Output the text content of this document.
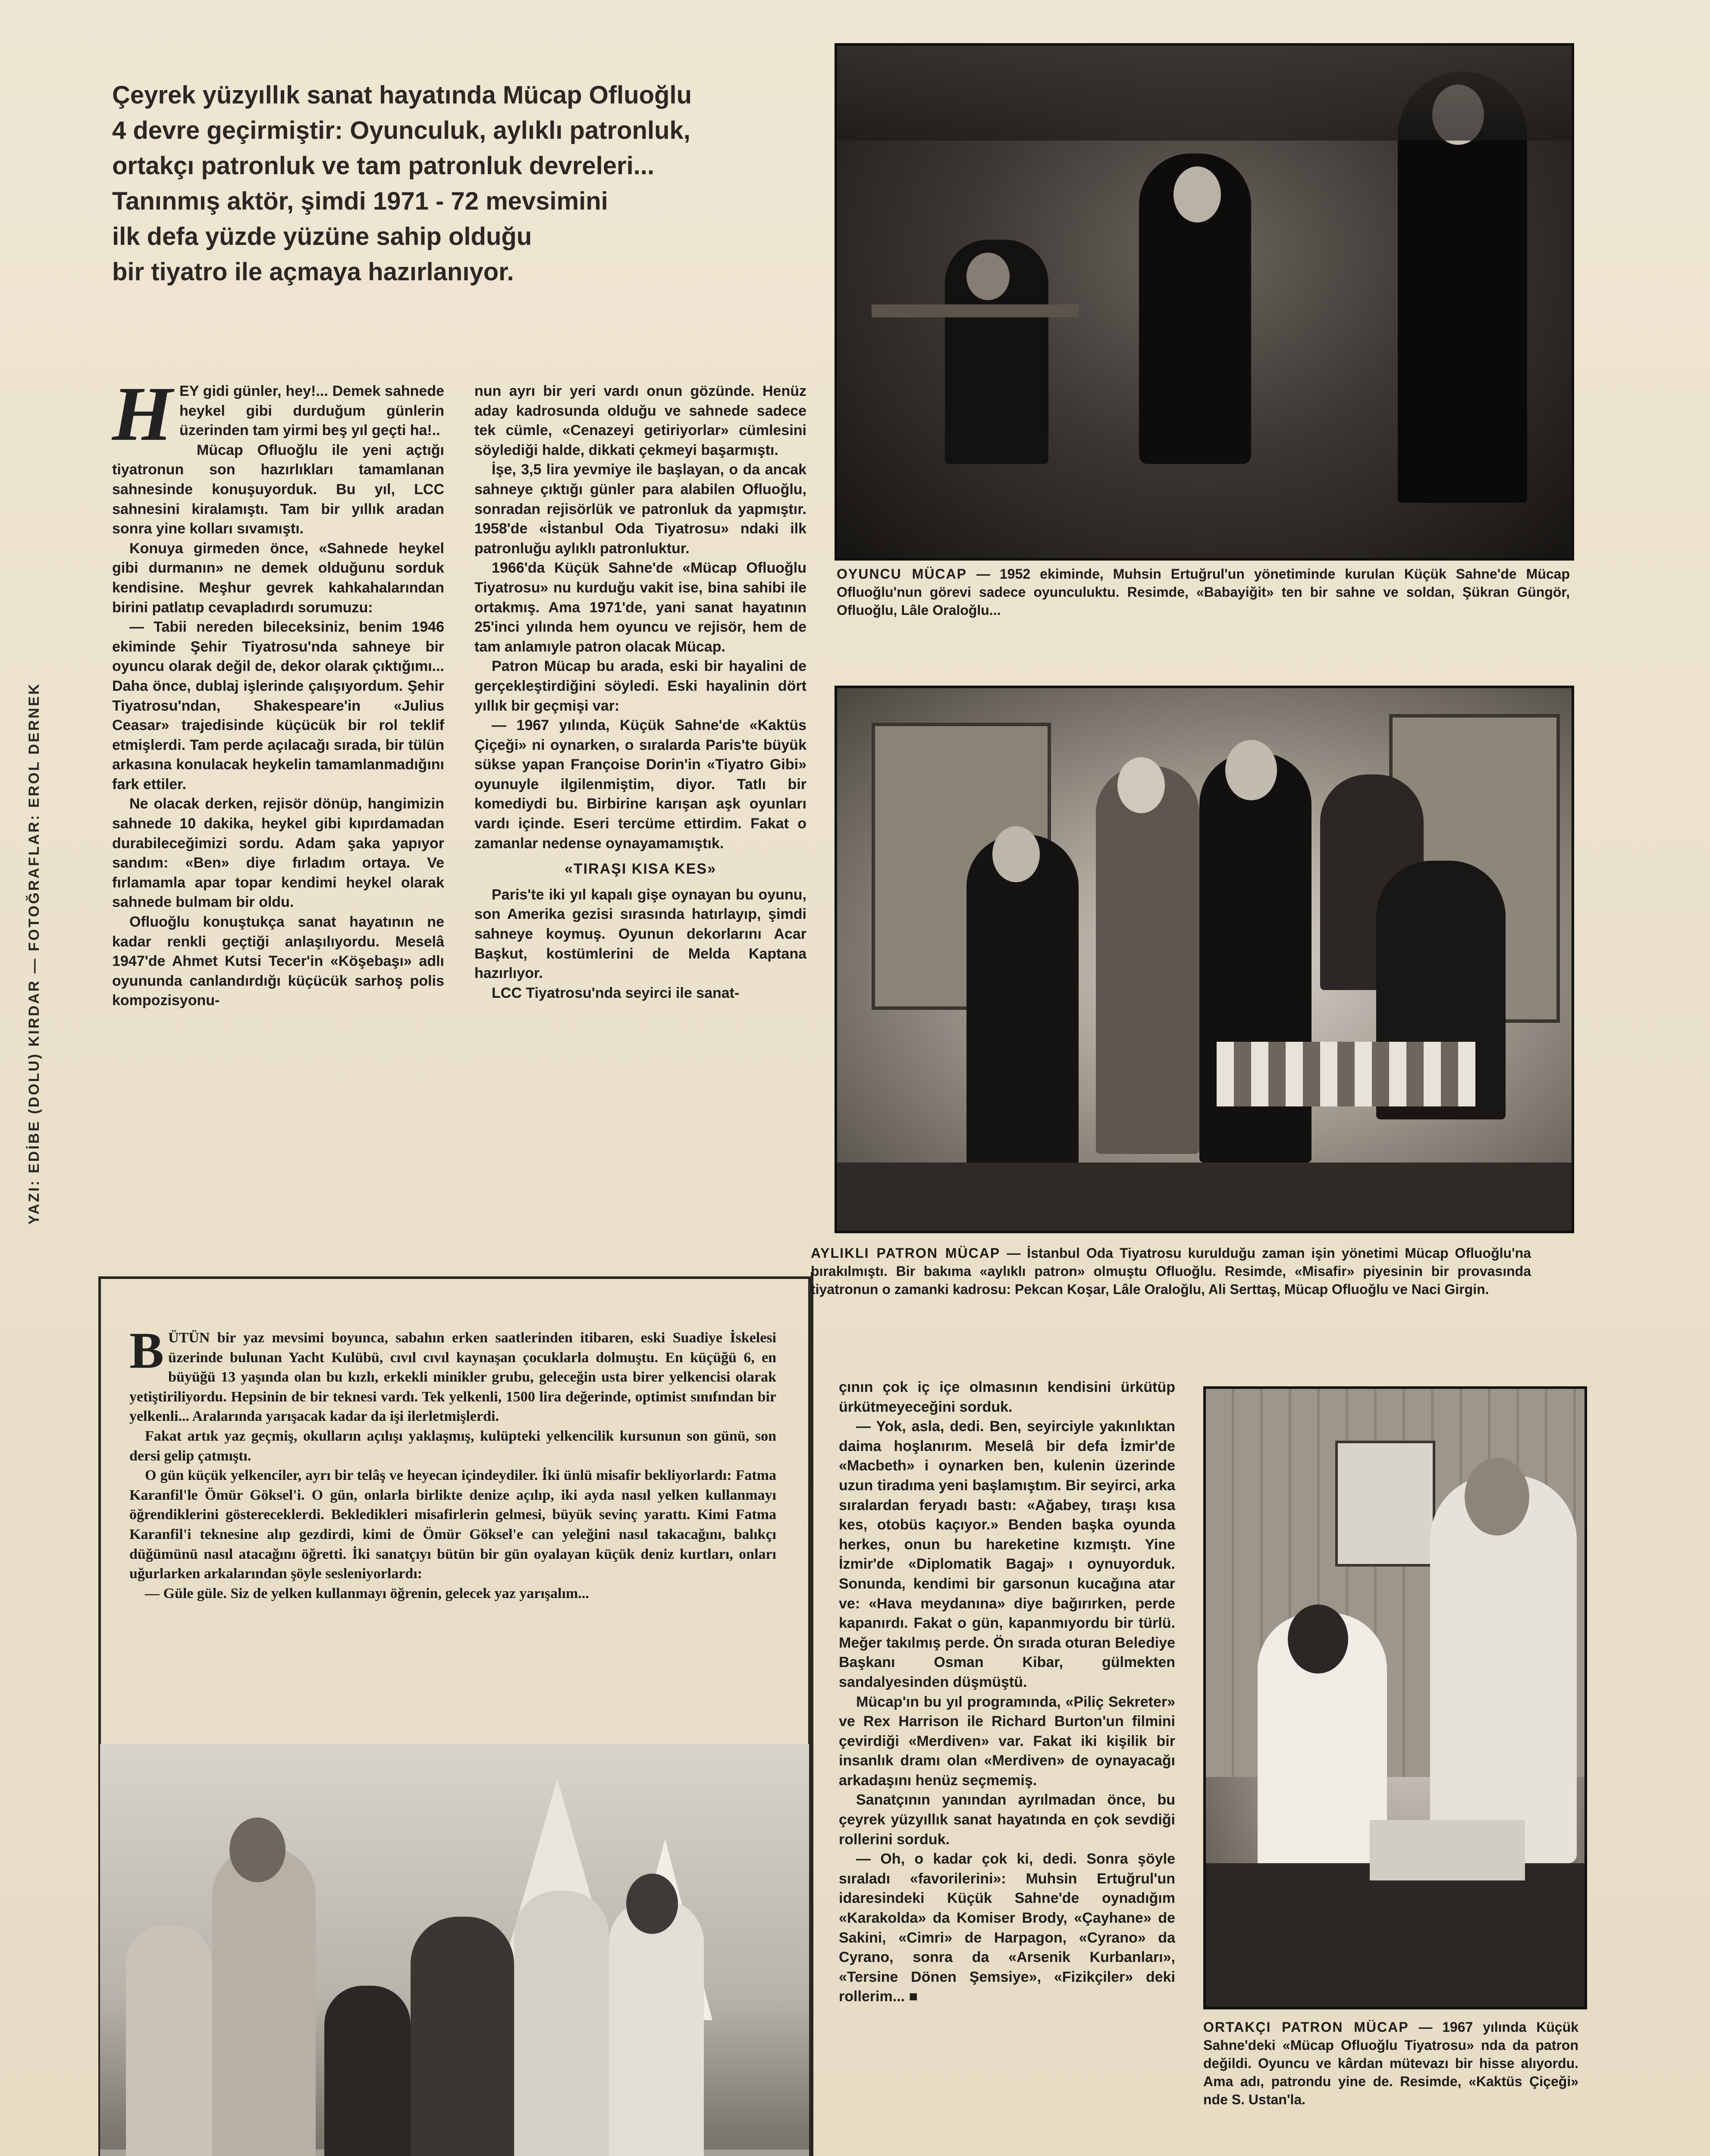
YAZI: EDİBE (DOLU) KIRDAR — FOTOĞRAFLAR: EROL DERNEK

Çeyrek yüzyıllık sanat hayatında Mücap Ofluoğlu

4 devre geçirmiştir: Oyunculuk, aylıklı patronluk,

ortakçı patronluk ve tam patronluk devreleri...

Tanınmış aktör, şimdi 1971 - 72 mevsimini

ilk defa yüzde yüzüne sahip olduğu

bir tiyatro ile açmaya hazırlanıyor.

H EY gidi günler, hey!... Demek sahnede heykel gibi durduğum günlerin üzerinden tam yirmi beş yıl geçti ha!..

Mücap Ofluoğlu ile yeni açtığı tiyatronun son hazırlıkları tamamlanan sahnesinde konuşuyorduk. Bu yıl, LCC sahnesini kiralamıştı. Tam bir yıllık aradan sonra yine kolları sıvamıştı.

Konuya girmeden önce, «Sahnede heykel gibi durmanın» ne demek olduğunu sorduk kendisine. Meşhur gevrek kahkahalarından birini patlatıp cevapladırdı sorumuzu:

— Tabii nereden bileceksiniz, benim 1946 ekiminde Şehir Tiyatrosu'nda sahneye bir oyuncu olarak değil de, dekor olarak çıktığımı... Daha önce, dublaj işlerinde çalışıyordum. Şehir Tiyatrosu'ndan, Shakespeare'in «Julius Ceasar» trajedisinde küçücük bir rol teklif etmişlerdi. Tam perde açılacağı sırada, bir tülün arkasına konulacak heykelin tamamlanmadığını fark ettiler.

Ne olacak derken, rejisör dönüp, hangimizin sahnede 10 dakika, heykel gibi kıpırdamadan durabileceğimizi sordu. Adam şaka yapıyor sandım: «Ben» diye fırladım ortaya. Ve fırlamamla apar topar kendimi heykel olarak sahnede bulmam bir oldu.

Ofluoğlu konuştukça sanat hayatının ne kadar renkli geçtiği anlaşılıyordu. Meselâ 1947'de Ahmet Kutsi Tecer'in «Köşebaşı» adlı oyununda canlandırdığı küçücük sarhoş polis kompozisyonu-

nun ayrı bir yeri vardı onun gözünde. Henüz aday kadrosunda olduğu ve sahnede sadece tek cümle, «Cenazeyi getiriyorlar» cümlesini söylediği halde, dikkati çekmeyi başarmıştı.

İşe, 3,5 lira yevmiye ile başlayan, o da ancak sahneye çıktığı günler para alabilen Ofluoğlu, sonradan rejisörlük ve patronluk da yapmıştır. 1958'de «İstanbul Oda Tiyatrosu» ndaki ilk patronluğu aylıklı patronluktur.

1966'da Küçük Sahne'de «Mücap Ofluoğlu Tiyatrosu» nu kurduğu vakit ise, bina sahibi ile ortakmış. Ama 1971'de, yani sanat hayatının 25'inci yılında hem oyuncu ve rejisör, hem de tam anlamıyle patron olacak Mücap.

Patron Mücap bu arada, eski bir hayalini de gerçekleştirdiğini söyledi. Eski hayalinin dört yıllık bir geçmişi var:

— 1967 yılında, Küçük Sahne'de «Kaktüs Çiçeği» ni oynarken, o sıralarda Paris'te büyük sükse yapan Françoise Dorin'in «Tiyatro Gibi» oyunuyle ilgilenmiştim, diyor. Tatlı bir komediydi bu. Birbirine karışan aşk oyunları vardı içinde. Eseri tercüme ettirdim. Fakat o zamanlar nedense oynayamamıştık.

«TIRAŞI KISA KES»

Paris'te iki yıl kapalı gişe oynayan bu oyunu, son Amerika gezisi sırasında hatırlayıp, şimdi sahneye koymuş. Oyunun dekorlarını Acar Başkut, kostümlerini de Melda Kaptana hazırlıyor.

LCC Tiyatrosu'nda seyirci ile sanat-

OYUNCU MÜCAP — 1952 ekiminde, Muhsin Ertuğrul'un yönetiminde kurulan Küçük Sahne'de Mücap Ofluoğlu'nun görevi sadece oyunculuktu. Resimde, «Babayiğit» ten bir sahne ve soldan, Şükran Güngör, Ofluoğlu, Lâle Oraloğlu...
AYLIKLI PATRON MÜCAP — İstanbul Oda Tiyatrosu kurulduğu zaman işin yönetimi Mücap Ofluoğlu'na bırakılmıştı. Bir bakıma «aylıklı patron» olmuştu Ofluoğlu. Resimde, «Misafir» piyesinin bir provasında tiyatronun o zamanki kadrosu: Pekcan Koşar, Lâle Oraloğlu, Ali Serttaş, Mücap Ofluoğlu ve Naci Girgin.

çının çok iç içe olmasının kendisini ürkütüp ürkütmeyeceğini sorduk.

— Yok, asla, dedi. Ben, seyirciyle yakınlıktan daima hoşlanırım. Meselâ bir defa İzmir'de «Macbeth» i oynarken ben, kulenin üzerinde uzun tiradıma yeni başlamıştım. Bir seyirci, arka sıralardan feryadı bastı: «Ağabey, tıraşı kısa kes, otobüs kaçıyor.» Benden başka oyunda herkes, onun bu hareketine kızmıştı. Yine İzmir'de «Diplomatik Bagaj» ı oynuyorduk. Sonunda, kendimi bir garsonun kucağına atar ve: «Hava meydanına» diye bağırırken, perde kapanırdı. Fakat o gün, kapanmıyordu bir türlü. Meğer takılmış perde. Ön sırada oturan Belediye Başkanı Osman Kibar, gülmekten sandalyesinden düşmüştü.

Mücap'ın bu yıl programında, «Piliç Sekreter» ve Rex Harrison ile Richard Burton'un filmini çevirdiği «Merdiven» var. Fakat iki kişilik bir insanlık dramı olan «Merdiven» de oynayacağı arkadaşını henüz seçmemiş.

Sanatçının yanından ayrılmadan önce, bu çeyrek yüzyıllık sanat hayatında en çok sevdiği rollerini sorduk.

— Oh, o kadar çok ki, dedi. Sonra şöyle sıraladı «favorilerini»: Muhsin Ertuğrul'un idaresindeki Küçük Sahne'de oynadığım «Karakolda» da Komiser Brody, «Çayhane» de Sakini, «Cimri» de Harpagon, «Cyrano» da Cyrano, sonra da «Arsenik Kurbanları», «Tersine Dönen Şemsiye», «Fizikçiler» deki rollerim... ■

ORTAKÇI PATRON MÜCAP — 1967 yılında Küçük Sahne'deki «Mücap Ofluoğlu Tiyatrosu» nda da patron değildi. Oyuncu ve kârdan mütevazı bir hisse alıyordu. Ama adı, patrondu yine de. Resimde, «Kaktüs Çiçeği» nde S. Ustan'la.
B ÜTÜN bir yaz mevsimi boyunca, sabahın erken saatlerinden itibaren, eski Suadiye İskelesi üzerinde bulunan Yacht Kulübü, cıvıl cıvıl kaynaşan çocuklarla dolmuştu. En küçüğü 6, en büyüğü 13 yaşında olan bu kızlı, erkekli minikler grubu, geleceğin usta birer yelkencisi olarak yetiştiriliyordu. Hepsinin de bir teknesi vardı. Tek yelkenli, 1500 lira değerinde, optimist sınıfından bir yelkenli... Aralarında yarışacak kadar da işi ilerletmişlerdi.

Fakat artık yaz geçmiş, okulların açılışı yaklaşmış, kulüpteki yelkencilik kursunun son günü, son dersi gelip çatmıştı.

O gün küçük yelkenciler, ayrı bir telâş ve heyecan içindeydiler. İki ünlü misafir bekliyorlardı: Fatma Karanfil'le Ömür Göksel'i. O gün, onlarla birlikte denize açılıp, iki ayda nasıl yelken kullanmayı öğrendiklerini göstereceklerdi. Bekledikleri misafirlerin gelmesi, büyük sevinç yarattı. Kimi Fatma Karanfil'i teknesine alıp gezdirdi, kimi de Ömür Göksel'e can yeleğini nasıl takacağını, balıkçı düğümünü nasıl atacağını öğretti. İki sanatçıyı bütün bir gün oyalayan küçük deniz kurtları, onları uğurlarken arkalarından şöyle sesleniyorlardı:

— Güle güle. Siz de yelken kullanmayı öğrenin, gelecek yaz yarışalım...
